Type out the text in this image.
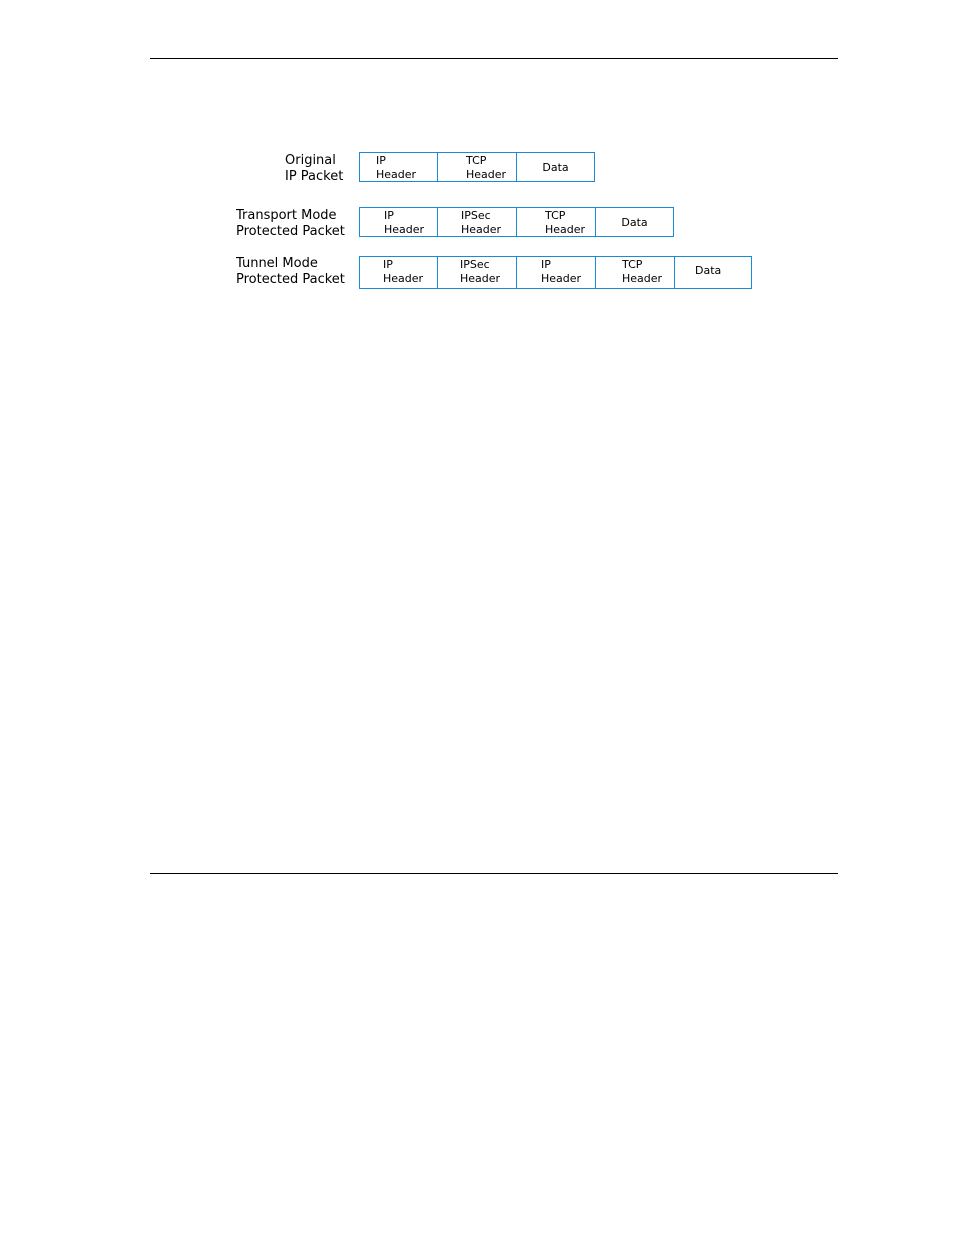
Original
IP Packet
IP
Header
TCP
Header
Data
Transport Mode
Protected Packet
IP
Header
IPSec
Header
TCP
Header
Data
Tunnel Mode
Protected Packet
IP
Header
IPSec
Header
IP
Header
TCP
Header
Data
